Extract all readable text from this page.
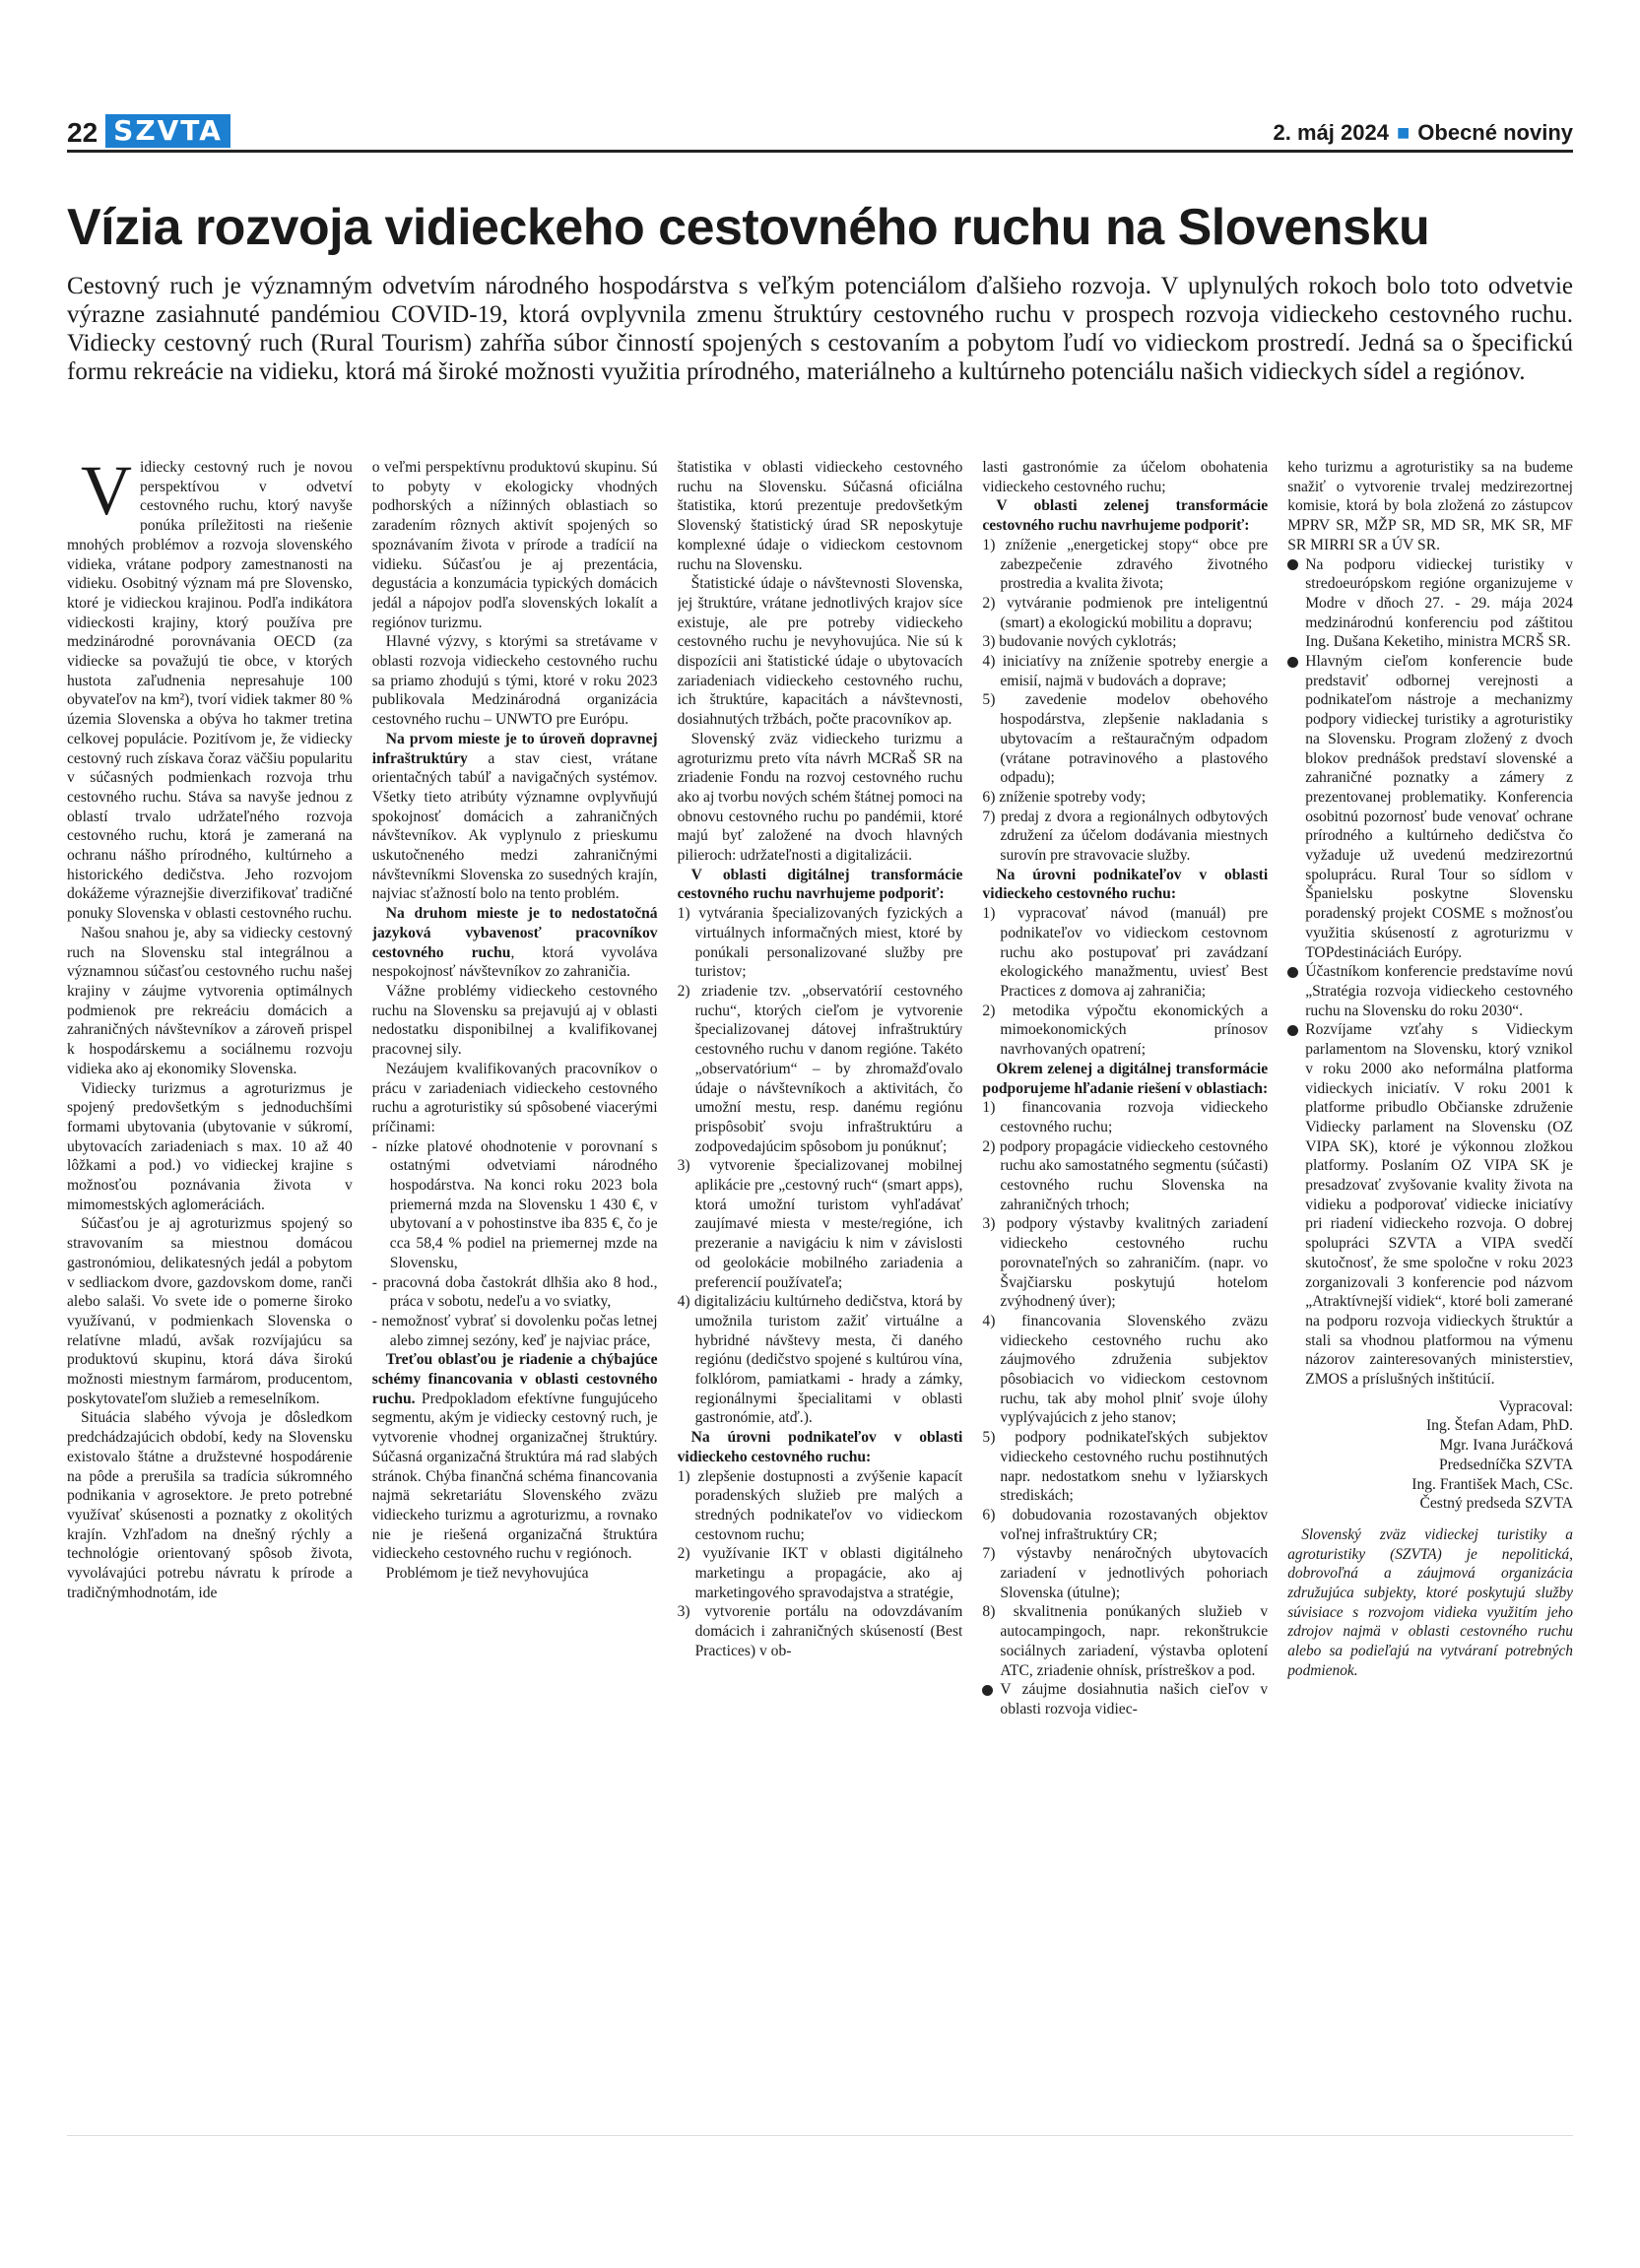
22 SZVTA	2. máj 2024 ■ Obecné noviny
Vízia rozvoja vidieckeho cestovného ruchu na Slovensku

Cestovný ruch je významným odvetvím národného hospodárstva s veľkým potenciálom ďalšieho rozvoja. V uplynulých rokoch bolo toto odvetvie výrazne zasiahnuté pandémiou COVID-19, ktorá ovplyvnila zmenu štruktúry cestovného ruchu v prospech rozvoja vidieckeho cestovného ruchu. Vidiecky cestovný ruch (Rural Tourism) zahŕňa súbor činností spojených s cestovaním a pobytom ľudí vo vidieckom prostredí. Jedná sa o špecifickú formu rekreácie na vidieku, ktorá má široké možnosti využitia prírodného, materiálneho a kultúrneho potenciálu našich vidieckych sídel a regiónov.

Vidiecky cestovný ruch je novou perspektívou v odvetví cestovného ruchu, ktorý navyše ponúka príležitosti na riešenie mnohých problémov a rozvoja slovenského vidieka, vrátane podpory zamestnanosti na vidieku. Osobitný význam má pre Slovensko, ktoré je vidieckou krajinou. Podľa indikátora vidieckosti krajiny, ktorý používa pre medzinárodné porovnávania OECD (za vidiecke sa považujú tie obce, v ktorých hustota zaľudnenia nepresahuje 100 obyvateľov na km²), tvorí vidiek takmer 80 % územia Slovenska a obýva ho takmer tretina celkovej populácie. Pozitívom je, že vidiecky cestovný ruch získava čoraz väčšiu popularitu v súčasných podmienkach rozvoja trhu cestovného ruchu. Stáva sa navyše jednou z oblastí trvalo udržateľného rozvoja cestovného ruchu, ktorá je zameraná na ochranu nášho prírodného, kultúrneho a historického dedičstva. Jeho rozvojom dokážeme výraznejšie diverzifikovať tradičné ponuky Slovenska v oblasti cestovného ruchu.

Našou snahou je, aby sa vidiecky cestovný ruch na Slovensku stal integrálnou a významnou súčasťou cestovného ruchu našej krajiny v záujme vytvorenia optimálnych podmienok pre rekreáciu domácich a zahraničných návštevníkov a zároveň prispel k hospodárskemu a sociálnemu rozvoju vidieka ako aj ekonomiky Slovenska.

Vidiecky turizmus a agroturizmus je spojený predovšetkým s jednoduchšími formami ubytovania (ubytovanie v súkromí, ubytovacích zariadeniach s max. 10 až 40 lôžkami a pod.) vo vidieckej krajine s možnosťou poznávania života v mimomestských aglomeráciách.

Súčasťou je aj agroturizmus spojený so stravovaním sa miestnou domácou gastronómiou, delikatesných jedál a pobytom v sedliackom dvore, gazdovskom dome, ranči alebo salaši. Vo svete ide o pomerne široko využívanú, v podmienkach Slovenska o relatívne mladú, avšak rozvíjajúcu sa produktovú skupinu, ktorá dáva širokú možnosti miestnym farmárom, producentom, poskytovateľom služieb a remeselníkom.

Situácia slabého vývoja je dôsledkom predchádzajúcich období, kedy na Slovensku existovalo štátne a družstevné hospodárenie na pôde a prerušila sa tradícia súkromného podnikania v agrosektore. Je preto potrebné využívať skúsenosti a poznatky z okolitých krajín. Vzhľadom na dnešný rýchly a technológie orientovaný spôsob života, vyvolávajúci potrebu návratu k prírode a tradičnýmhodnotám, ide

o veľmi perspektívnu produktovú skupinu. Sú to pobyty v ekologicky vhodných podhorských a nížinných oblastiach so zaradením rôznych aktivít spojených so spoznávaním života v prírode a tradícií na vidieku. Súčasťou je aj prezentácia, degustácia a konzumácia typických domácich jedál a nápojov podľa slovenských lokalít a regiónov turizmu.

Hlavné výzvy, s ktorými sa stretávame v oblasti rozvoja vidieckeho cestovného ruchu sa priamo zhodujú s tými, ktoré v roku 2023 publikovala Medzinárodná organizácia cestovného ruchu – UNWTO pre Európu.

Na prvom mieste je to úroveň dopravnej infraštruktúry a stav ciest, vrátane orientačných tabúľ a navigačných systémov. Všetky tieto atribúty významne ovplyvňujú spokojnosť domácich a zahraničných návštevníkov. Ak vyplynulo z prieskumu uskutočneného medzi zahraničnými návštevníkmi Slovenska zo susedných krajín, najviac sťažností bolo na tento problém.

Na druhom mieste je to nedostatočná jazyková vybavenosť pracovníkov cestovného ruchu, ktorá vyvoláva nespokojnosť návštevníkov zo zahraničia.

Vážne problémy vidieckeho cestovného ruchu na Slovensku sa prejavujú aj v oblasti nedostatku disponibilnej a kvalifikovanej pracovnej sily.

Nezáujem kvalifikovaných pracovníkov o prácu v zariadeniach vidieckeho cestovného ruchu a agroturistiky sú spôsobené viacerými príčinami:

- nízke platové ohodnotenie v porovnaní s ostatnými odvetviami národného hospodárstva. Na konci roku 2023 bola priemerná mzda na Slovensku 1 430 €, v ubytovaní a v pohostinstve iba 835 €, čo je cca 58,4 % podiel na priemernej mzde na Slovensku,

- pracovná doba častokrát dlhšia ako 8 hod., práca v sobotu, nedeľu a vo sviatky,

- nemožnosť vybrať si dovolenku počas letnej alebo zimnej sezóny, keď je najviac práce,

Treťou oblasťou je riadenie a chýbajúce schémy financovania v oblasti cestovného ruchu. Predpokladom efektívne fungujúceho segmentu, akým je vidiecky cestovný ruch, je vytvorenie vhodnej organizačnej štruktúry. Súčasná organizačná štruktúra má rad slabých stránok. Chýba finančná schéma financovania najmä sekretariátu Slovenského zväzu vidieckeho turizmu a agroturizmu, a rovnako nie je riešená organizačná štruktúra vidieckeho cestovného ruchu v regiónoch.

Problémom je tiež nevyhovujúca

štatistika v oblasti vidieckeho cestovného ruchu na Slovensku. Súčasná oficiálna štatistika, ktorú prezentuje predovšetkým Slovenský štatistický úrad SR neposkytuje komplexné údaje o vidieckom cestovnom ruchu na Slovensku.

Štatistické údaje o návštevnosti Slovenska, jej štruktúre, vrátane jednotlivých krajov síce existuje, ale pre potreby vidieckeho cestovného ruchu je nevyhovujúca. Nie sú k dispozícii ani štatistické údaje o ubytovacích zariadeniach vidieckeho cestovného ruchu, ich štruktúre, kapacitách a návštevnosti, dosiahnutých tržbách, počte pracovníkov ap.

Slovenský zväz vidieckeho turizmu a agroturizmu preto víta návrh MCRaŠ SR na zriadenie Fondu na rozvoj cestovného ruchu ako aj tvorbu nových schém štátnej pomoci na obnovu cestovného ruchu po pandémii, ktoré majú byť založené na dvoch hlavných pilieroch: udržateľnosti a digitalizácii.

V oblasti digitálnej transformácie cestovného ruchu navrhujeme podporiť:

1) vytvárania špecializovaných fyzických a virtuálnych informačných miest, ktoré by ponúkali personalizované služby pre turistov;

2) zriadenie tzv. „observatórií cestovného ruchu“, ktorých cieľom je vytvorenie špecializovanej dátovej infraštruktúry cestovného ruchu v danom regióne. Takéto „observatórium“ – by zhromažďovalo údaje o návštevníkoch a aktivitách, čo umožní mestu, resp. danému regiónu prispôsobiť svoju infraštruktúru a zodpovedajúcim spôsobom ju ponúknuť;

3) vytvorenie špecializovanej mobilnej aplikácie pre „cestovný ruch“ (smart apps), ktorá umožní turistom vyhľadávať zaujímavé miesta v meste/regióne, ich prezeranie a navigáciu k nim v závislosti od geolokácie mobilného zariadenia a preferencií používateľa;

4) digitalizáciu kultúrneho dedičstva, ktorá by umožnila turistom zažiť virtuálne a hybridné návštevy mesta, či daného regiónu (dedičstvo spojené s kultúrou vína, folklórom, pamiatkami - hrady a zámky, regionálnymi špecialitami v oblasti gastronómie, atď.).

Na úrovni podnikateľov v oblasti vidieckeho cestovného ruchu:

1) zlepšenie dostupnosti a zvýšenie kapacít poradenských služieb pre malých a stredných podnikateľov vo vidieckom cestovnom ruchu;

2) využívanie IKT v oblasti digitálneho marketingu a propagácie, ako aj marketingového spravodajstva a stratégie,

3) vytvorenie portálu na odovzdávaním domácich i zahraničných skúseností (Best Practices) v ob-

lasti gastronómie za účelom obohatenia vidieckeho cestovného ruchu;

V oblasti zelenej transformácie cestovného ruchu navrhujeme podporiť:

1) zníženie „energetickej stopy“ obce pre zabezpečenie zdravého životného prostredia a kvalita života;

2) vytváranie podmienok pre inteligentnú (smart) a ekologickú mobilitu a dopravu;

3) budovanie nových cyklotrás;

4) iniciatívy na zníženie spotreby energie a emisií, najmä v budovách a doprave;

5) zavedenie modelov obehového hospodárstva, zlepšenie nakladania s ubytovacím a reštauračným odpadom (vrátane potravinového a plastového odpadu);

6) zníženie spotreby vody;

7) predaj z dvora a regionálnych odbytových združení za účelom dodávania miestnych surovín pre stravovacie služby.

Na úrovni podnikateľov v oblasti vidieckeho cestovného ruchu:

1) vypracovať návod (manuál) pre podnikateľov vo vidieckom cestovnom ruchu ako postupovať pri zavádzaní ekologického manažmentu, uviesť Best Practices z domova aj zahraničia;

2) metodika výpočtu ekonomických a mimoekonomických prínosov navrhovaných opatrení;

Okrem zelenej a digitálnej transformácie podporujeme hľadanie riešení v oblastiach:

1) financovania rozvoja vidieckeho cestovného ruchu;

2) podpory propagácie vidieckeho cestovného ruchu ako samostatného segmentu (súčasti) cestovného ruchu Slovenska na zahraničných trhoch;

3) podpory výstavby kvalitných zariadení vidieckeho cestovného ruchu porovnateľných so zahraničím. (napr. vo Švajčiarsku poskytujú hotelom zvýhodnený úver);

4) financovania Slovenského zväzu vidieckeho cestovného ruchu ako záujmového združenia subjektov pôsobiacich vo vidieckom cestovnom ruchu, tak aby mohol plniť svoje úlohy vyplývajúcich z jeho stanov;

5) podpory podnikateľských subjektov vidieckeho cestovného ruchu postihnutých napr. nedostatkom snehu v lyžiarskych strediskách;

6) dobudovania rozostavaných objektov voľnej infraštruktúry CR;

7) výstavby nenáročných ubytovacích zariadení v jednotlivých pohoriach Slovenska (útulne);

8) skvalitnenia ponúkaných služieb v autocampingoch, napr. rekonštrukcie sociálnych zariadení, výstavba oplotení ATC, zriadenie ohnísk, prístreškov a pod.

V záujme dosiahnutia našich cieľov v oblasti rozvoja vidiec-

keho turizmu a agroturistiky sa na budeme snažiť o vytvorenie trvalej medzirezortnej komisie, ktorá by bola zložená zo zástupcov MPRV SR, MŽP SR, MD SR, MK SR, MF SR MIRRI SR a ÚV SR.

Na podporu vidieckej turistiky v stredoeurópskom regióne organizujeme v Modre v dňoch 27. - 29. mája 2024 medzinárodnú konferenciu pod záštitou Ing. Dušana Keketiho, ministra MCRŠ SR.

Hlavným cieľom konferencie bude predstaviť odbornej verejnosti a podnikateľom nástroje a mechanizmy podpory vidieckej turistiky a agroturistiky na Slovensku. Program zložený z dvoch blokov prednášok predstaví slovenské a zahraničné poznatky a zámery z prezentovanej problematiky. Konferencia osobitnú pozornosť bude venovať ochrane prírodného a kultúrneho dedičstva čo vyžaduje už uvedenú medzirezortnú spoluprácu. Rural Tour so sídlom v Španielsku poskytne Slovensku poradenský projekt COSME s možnosťou využitia skúseností z agroturizmu v TOPdestináciách Európy.

Účastníkom konferencie predstavíme novú „Stratégia rozvoja vidieckeho cestovného ruchu na Slovensku do roku 2030“.

Rozvíjame vzťahy s Vidieckym parlamentom na Slovensku, ktorý vznikol v roku 2000 ako neformálna platforma vidieckych iniciatív. V roku 2001 k platforme pribudlo Občianske združenie Vidiecky parlament na Slovensku (OZ VIPA SK), ktoré je výkonnou zložkou platformy. Poslaním OZ VIPA SK je presadzovať zvyšovanie kvality života na vidieku a podporovať vidiecke iniciatívy pri riadení vidieckeho rozvoja. O dobrej spolupráci SZVTA a VIPA svedčí skutočnosť, že sme spoločne v roku 2023 zorganizovali 3 konferencie pod názvom „Atraktívnejší vidiek“, ktoré boli zamerané na podporu rozvoja vidieckych štruktúr a stali sa vhodnou platformou na výmenu názorov zainteresovaných ministerstiev, ZMOS a príslušných inštitúcií.

Vypracoval:
Ing. Štefan Adam, PhD.
Mgr. Ivana Juráčková
Predsedníčka SZVTA
Ing. František Mach, CSc.
Čestný predseda SZVTA

Slovenský zväz vidieckej turistiky a agroturistiky (SZVTA) je nepolitická, dobrovoľná a záujmová organizácia združujúca subjekty, ktoré poskytujú služby súvisiace s rozvojom vidieka využitím jeho zdrojov najmä v oblasti cestovného ruchu alebo sa podieľajú na vytváraní potrebných podmienok.
